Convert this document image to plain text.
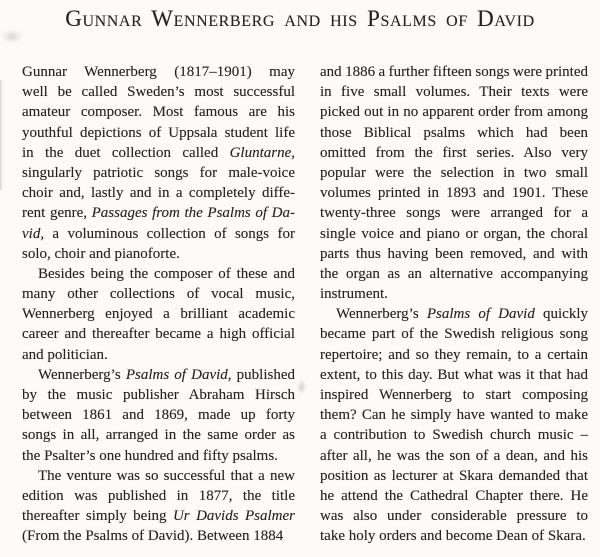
Gunnar Wennerberg and his Psalms of David
Gunnar Wennerberg (1817–1901) may
well be called Sweden’s most successful
amateur composer. Most famous are his
youthful depictions of Uppsala student life
in the duet collection called Gluntarne,
singularly patriotic songs for male-voice
choir and, lastly and in a completely diffe-
rent genre, Passages from the Psalms of Da-
vid, a voluminous collection of songs for
solo, choir and pianoforte.
Besides being the composer of these and
many other collections of vocal music,
Wennerberg enjoyed a brilliant academic
career and thereafter became a high official
and politician.
Wennerberg’s Psalms of David, published
by the music publisher Abraham Hirsch
between 1861 and 1869, made up forty
songs in all, arranged in the same order as
the Psalter’s one hundred and fifty psalms.
The venture was so successful that a new
edition was published in 1877, the title
thereafter simply being Ur Davids Psalmer
(From the Psalms of David). Between 1884
and 1886 a further fifteen songs were printed
in five small volumes. Their texts were
picked out in no apparent order from among
those Biblical psalms which had been
omitted from the first series. Also very
popular were the selection in two small
volumes printed in 1893 and 1901. These
twenty-three songs were arranged for a
single voice and piano or organ, the choral
parts thus having been removed, and with
the organ as an alternative accompanying
instrument.
Wennerberg’s Psalms of David quickly
became part of the Swedish religious song
repertoire; and so they remain, to a certain
extent, to this day. But what was it that had
inspired Wennerberg to start composing
them? Can he simply have wanted to make
a contribution to Swedish church music –
after all, he was the son of a dean, and his
position as lecturer at Skara demanded that
he attend the Cathedral Chapter there. He
was also under considerable pressure to
take holy orders and become Dean of Skara.
